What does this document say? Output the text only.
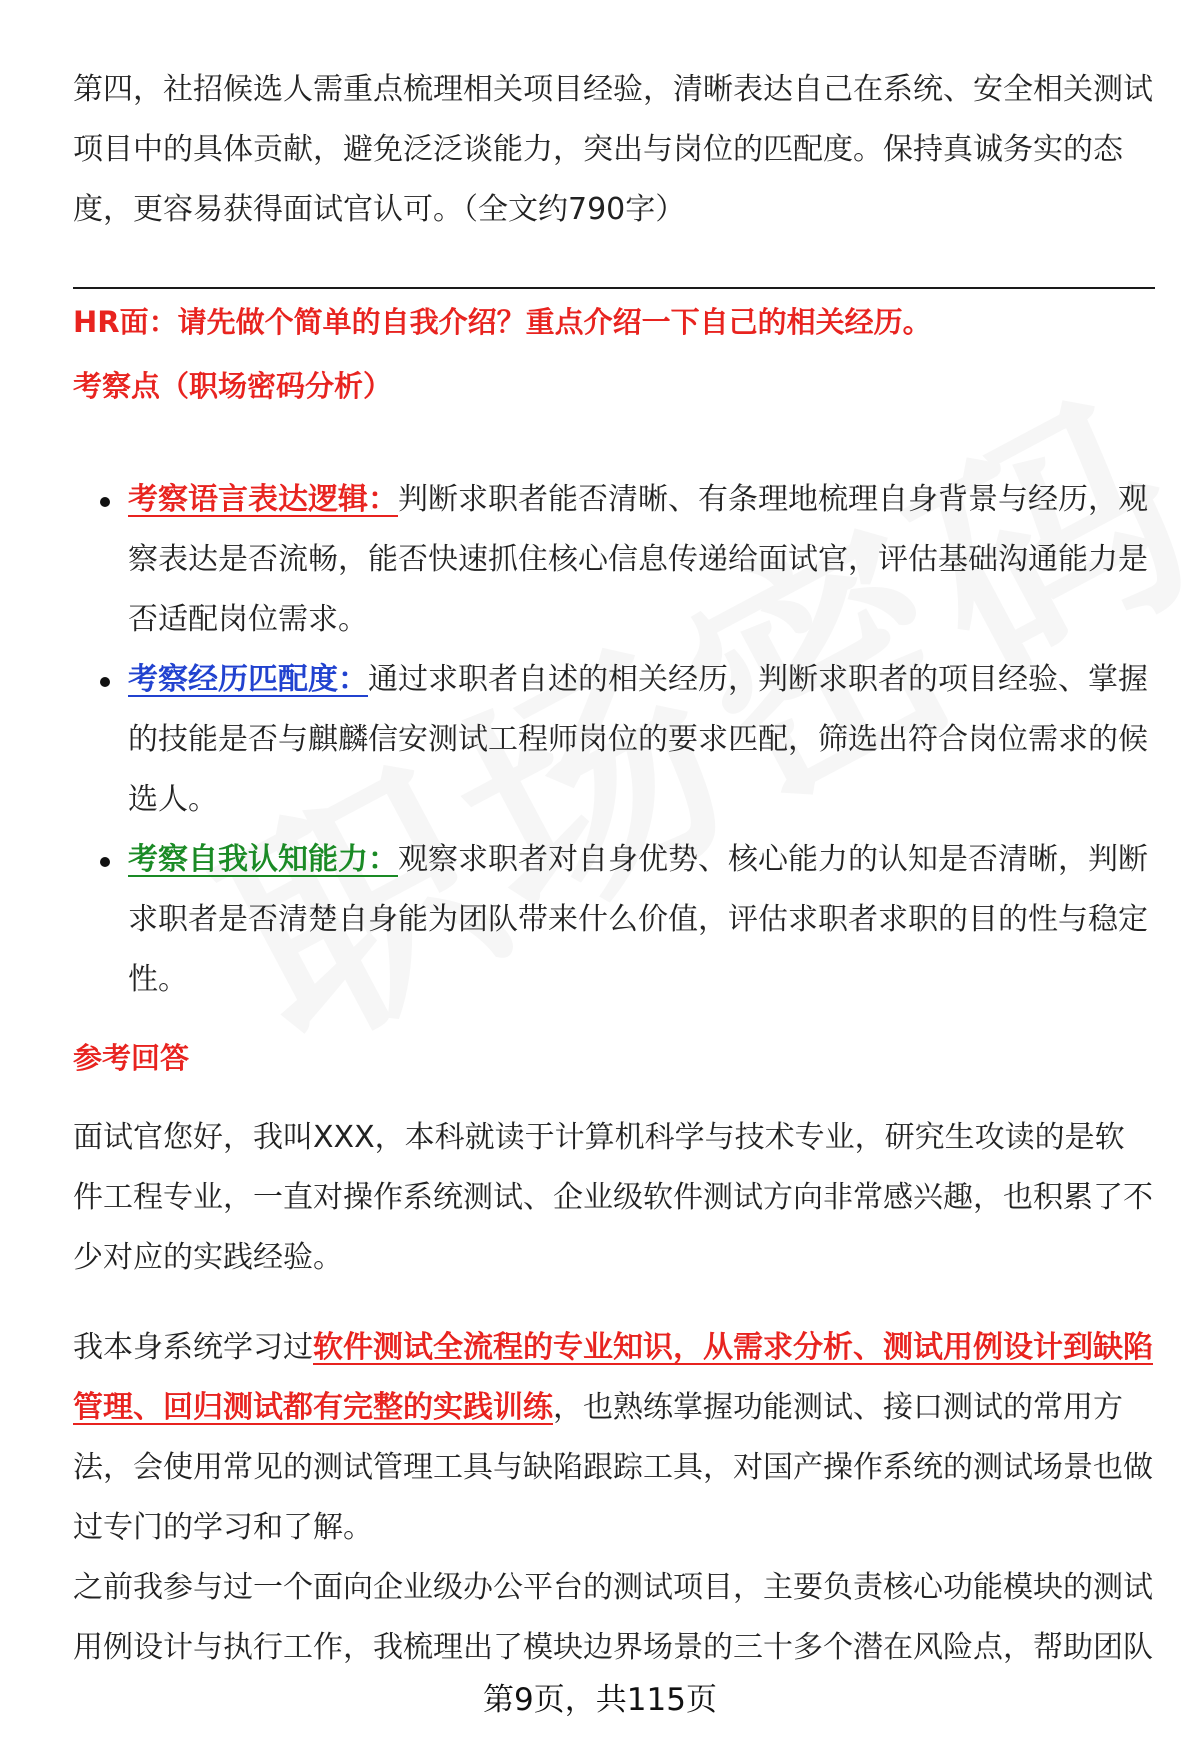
第四，社招候选人需重点梳理相关项目经验，清晰表达自己在系统、安全相关测试项目中的具体贡献，避免泛泛谈能力，突出与岗位的匹配度。保持真诚务实的态度，更容易获得面试官认可。（全文约790字）

HR面：请先做个简单的自我介绍？重点介绍一下自己的相关经历。

考察点（职场密码分析）

考察语言表达逻辑：判断求职者能否清晰、有条理地梳理自身背景与经历，观察表达是否流畅，能否快速抓住核心信息传递给面试官，评估基础沟通能力是否适配岗位需求。
考察经历匹配度：通过求职者自述的相关经历，判断求职者的项目经验、掌握的技能是否与麒麟信安测试工程师岗位的要求匹配，筛选出符合岗位需求的候选人。
考察自我认知能力：观察求职者对自身优势、核心能力的认知是否清晰，判断求职者是否清楚自身能为团队带来什么价值，评估求职者求职的目的性与稳定性。

参考回答

面试官您好，我叫XXX，本科就读于计算机科学与技术专业，研究生攻读的是软件工程专业，一直对操作系统测试、企业级软件测试方向非常感兴趣，也积累了不少对应的实践经验。

我本身系统学习过软件测试全流程的专业知识，从需求分析、测试用例设计到缺陷管理、回归测试都有完整的实践训练，也熟练掌握功能测试、接口测试的常用方法，会使用常见的测试管理工具与缺陷跟踪工具，对国产操作系统的测试场景也做过专门的学习和了解。

之前我参与过一个面向企业级办公平台的测试项目，主要负责核心功能模块的测试用例设计与执行工作，我梳理出了模块边界场景的三十多个潜在风险点，帮助团队

第9页，共115页
